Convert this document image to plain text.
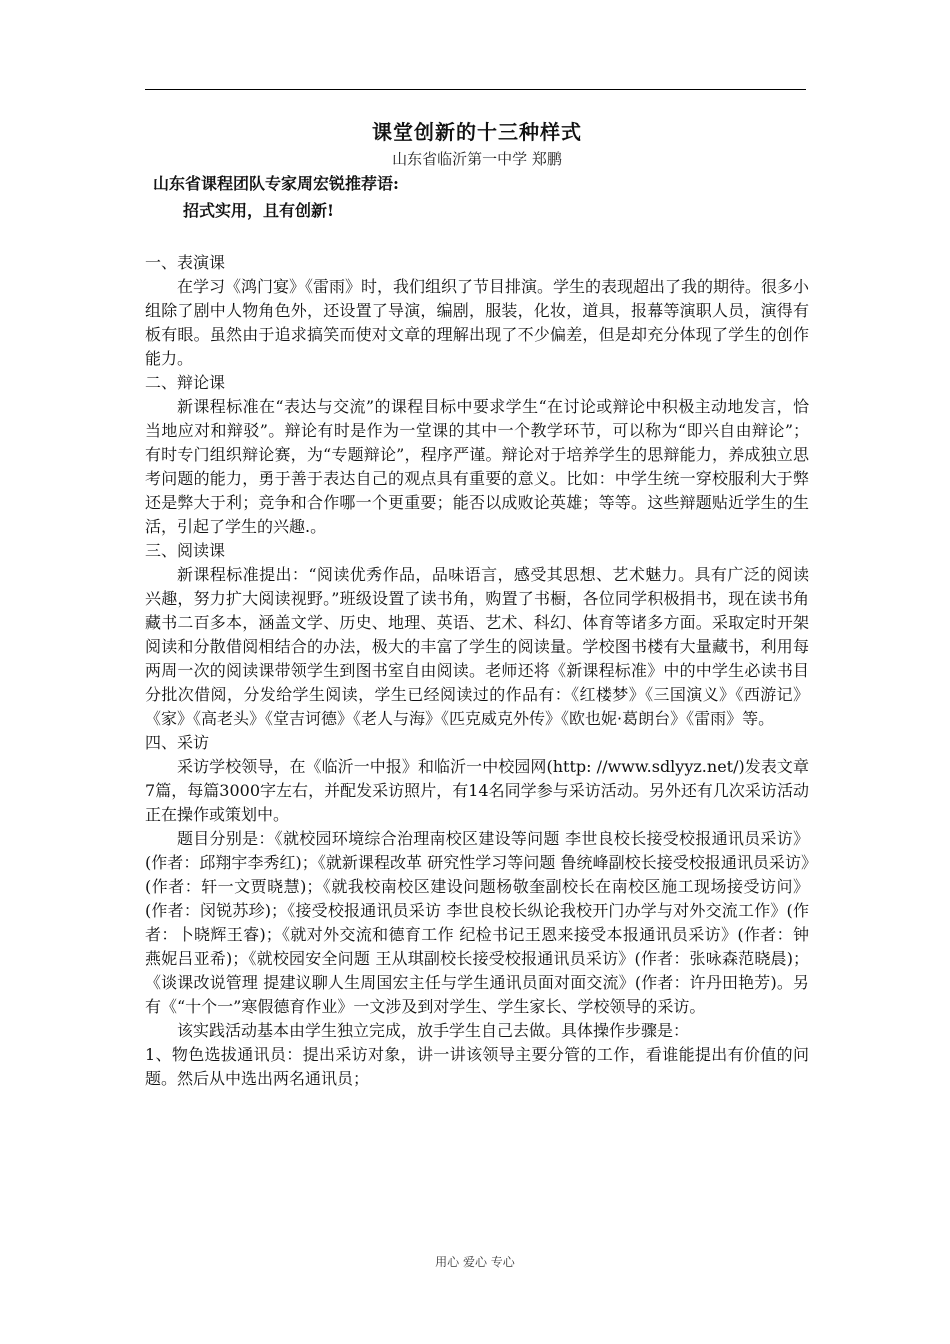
课堂创新的十三种样式
山东省临沂第一中学 郑鹏
山东省课程团队专家周宏锐推荐语:
招式实用，且有创新!
一、表演课

在学习《鸿门宴》《雷雨》时，我们组织了节目排演。学生的表现超出了我的期待。很多小组除了剧中人物角色外，还设置了导演，编剧，服装，化妆，道具，报幕等演职人员，演得有板有眼。虽然由于追求搞笑而使对文章的理解出现了不少偏差，但是却充分体现了学生的创作能力。

二、辩论课

新课程标准在“表达与交流”的课程目标中要求学生“在讨论或辩论中积极主动地发言，恰当地应对和辩驳”。辩论有时是作为一堂课的其中一个教学环节，可以称为“即兴自由辩论”；有时专门组织辩论赛，为“专题辩论”，程序严谨。辩论对于培养学生的思辩能力，养成独立思考问题的能力，勇于善于表达自己的观点具有重要的意义。比如：中学生统一穿校服利大于弊还是弊大于利；竞争和合作哪一个更重要；能否以成败论英雄；等等。这些辩题贴近学生的生活，引起了学生的兴趣.。

三、阅读课

新课程标准提出：“阅读优秀作品，品味语言，感受其思想、艺术魅力。具有广泛的阅读兴趣，努力扩大阅读视野。”班级设置了读书角，购置了书橱，各位同学积极捐书，现在读书角藏书二百多本，涵盖文学、历史、地理、英语、艺术、科幻、体育等诸多方面。采取定时开架阅读和分散借阅相结合的办法，极大的丰富了学生的阅读量。学校图书楼有大量藏书，利用每两周一次的阅读课带领学生到图书室自由阅读。老师还将《新课程标准》中的中学生必读书目分批次借阅，分发给学生阅读，学生已经阅读过的作品有：《红楼梦》《三国演义》《西游记》《家》《高老头》《堂吉诃德》《老人与海》《匹克威克外传》《欧也妮·葛朗台》《雷雨》等。

四、采访

采访学校领导，在《临沂一中报》和临沂一中校园网(http: //www.sdlyyz.net/)发表文章7篇，每篇3000字左右，并配发采访照片，有14名同学参与采访活动。另外还有几次采访活动正在操作或策划中。

题目分别是：《就校园环境综合治理南校区建设等问题 李世良校长接受校报通讯员采访》(作者：邱翔宇李秀红)；《就新课程改革 研究性学习等问题 鲁统峰副校长接受校报通讯员采访》(作者：轩一文贾晓慧)；《就我校南校区建设问题杨敬奎副校长在南校区施工现场接受访问》(作者：闵锐苏珍)；《接受校报通讯员采访 李世良校长纵论我校开门办学与对外交流工作》(作者：卜晓辉王睿)；《就对外交流和德育工作 纪检书记王恩来接受本报通讯员采访》(作者：钟燕妮吕亚希)；《就校园安全问题 王从琪副校长接受校报通讯员采访》(作者：张咏森范晓晨)；《谈课改说管理 提建议聊人生周国宏主任与学生通讯员面对面交流》(作者：许丹田艳芳)。另有《“十个一”寒假德育作业》一文涉及到对学生、学生家长、学校领导的采访。

该实践活动基本由学生独立完成，放手学生自己去做。具体操作步骤是：

1、物色选拔通讯员：提出采访对象，讲一讲该领导主要分管的工作，看谁能提出有价值的问题。然后从中选出两名通讯员；

用心 爱心 专心
